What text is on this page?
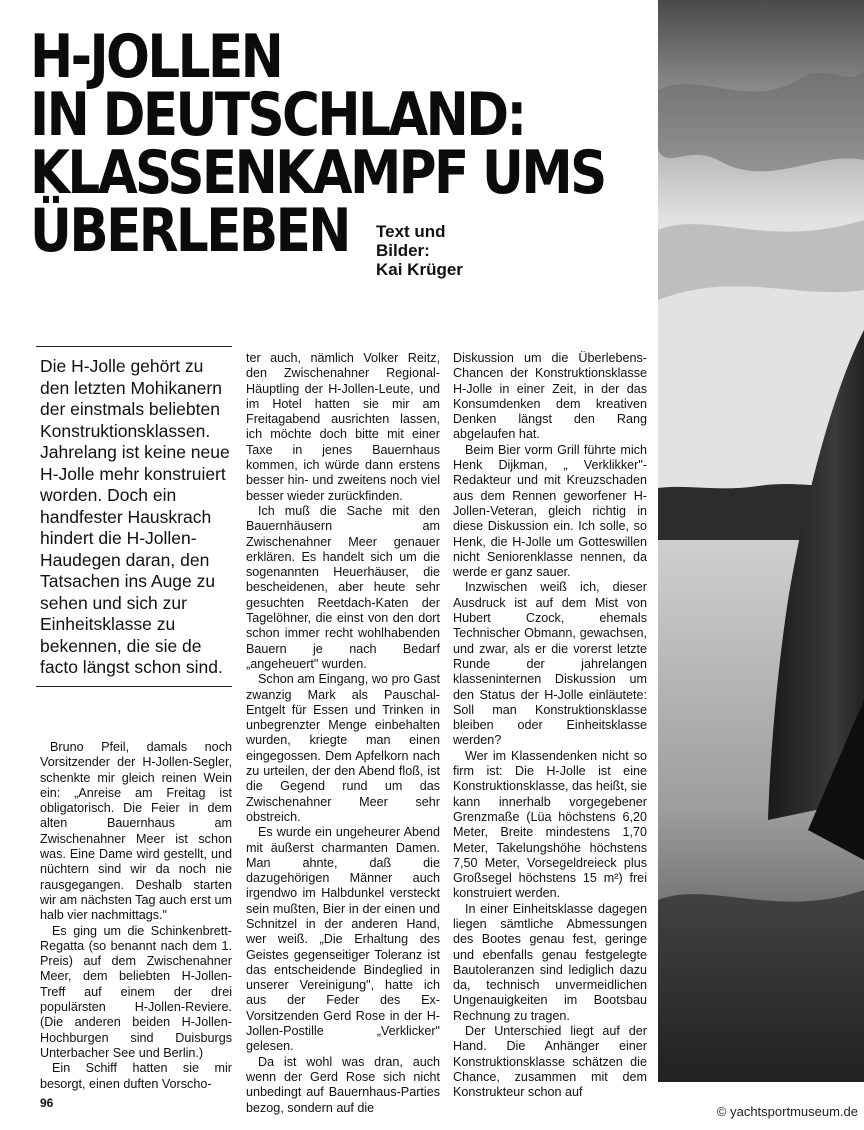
H-JOLLEN
IN DEUTSCHLAND:
KLASSENKAMPF UMS
ÜBERLEBEN	Text und
Bilder:
Kai Krüger
Die H-Jolle gehört zu den letzten Mohikanern der einstmals beliebten Konstruktionsklassen. Jahrelang ist keine neue H-Jolle mehr konstruiert worden. Doch ein handfester Hauskrach hindert die H-Jollen-Haudegen daran, den Tatsachen ins Auge zu sehen und sich zur Einheitsklasse zu bekennen, die sie de facto längst schon sind.

Bruno Pfeil, damals noch Vorsitzender der H-Jollen-Segler, schenkte mir gleich reinen Wein ein: „Anreise am Freitag ist obligatorisch. Die Feier in dem alten Bauernhaus am Zwischenahner Meer ist schon was. Eine Dame wird gestellt, und nüchtern sind wir da noch nie rausgegangen. Deshalb starten wir am nächsten Tag auch erst um halb vier nachmittags."

Es ging um die Schinkenbrett-Regatta (so benannt nach dem 1. Preis) auf dem Zwischenahner Meer, dem beliebten H-Jollen-Treff auf einem der drei populärsten H-Jollen-Reviere. (Die anderen beiden H-Jollen-Hochburgen sind Duisburgs Unterbacher See und Berlin.)

Ein Schiff hatten sie mir besorgt, einen duften Vorscho-

ter auch, nämlich Volker Reitz, den Zwischenahner Regional-Häuptling der H-Jollen-Leute, und im Hotel hatten sie mir am Freitagabend ausrichten lassen, ich möchte doch bitte mit einer Taxe in jenes Bauernhaus kommen, ich würde dann erstens besser hin- und zweitens noch viel besser wieder zurückfinden.

Ich muß die Sache mit den Bauernhäusern am Zwischenahner Meer genauer erklären. Es handelt sich um die sogenannten Heuerhäuser, die bescheidenen, aber heute sehr gesuchten Reetdach-Katen der Tagelöhner, die einst von den dort schon immer recht wohlhabenden Bauern je nach Bedarf „angeheuert" wurden.

Schon am Eingang, wo pro Gast zwanzig Mark als Pauschal-Entgelt für Essen und Trinken in unbegrenzter Menge einbehalten wurden, kriegte man einen eingegossen. Dem Apfelkorn nach zu urteilen, der den Abend floß, ist die Gegend rund um das Zwischenahner Meer sehr obstreich.

Es wurde ein ungeheurer Abend mit äußerst charmanten Damen. Man ahnte, daß die dazugehörigen Männer auch irgendwo im Halbdunkel versteckt sein mußten, Bier in der einen und Schnitzel in der anderen Hand, wer weiß. „Die Erhaltung des Geistes gegenseitiger Toleranz ist das entscheidende Bindeglied in unserer Vereinigung", hatte ich aus der Feder des Ex-Vorsitzenden Gerd Rose in der H-Jollen-Postille „Verklicker" gelesen.

Da ist wohl was dran, auch wenn der Gerd Rose sich nicht unbedingt auf Bauernhaus-Parties bezog, sondern auf die

Diskussion um die Überlebens-Chancen der Konstruktionsklasse H-Jolle in einer Zeit, in der das Konsumdenken dem kreativen Denken längst den Rang abgelaufen hat.

Beim Bier vorm Grill führte mich Henk Dijkman, „ Verklikker"-Redakteur und mit Kreuzschaden aus dem Rennen geworfener H-Jollen-Veteran, gleich richtig in diese Diskussion ein. Ich solle, so Henk, die H-Jolle um Gotteswillen nicht Seniorenklasse nennen, da werde er ganz sauer.

Inzwischen weiß ich, dieser Ausdruck ist auf dem Mist von Hubert Czock, ehemals Technischer Obmann, gewachsen, und zwar, als er die vorerst letzte Runde der jahrelangen klasseninternen Diskussion um den Status der H-Jolle einläutete: Soll man Konstruktionsklasse bleiben oder Einheitsklasse werden?

Wer im Klassendenken nicht so firm ist: Die H-Jolle ist eine Konstruktionsklasse, das heißt, sie kann innerhalb vorgegebener Grenzmaße (Lüa höchstens 6,20 Meter, Breite mindestens 1,70 Meter, Takelungshöhe höchstens 7,50 Meter, Vorsegeldreieck plus Großsegel höchstens 15 m²) frei konstruiert werden.

In einer Einheitsklasse dagegen liegen sämtliche Abmessungen des Bootes genau fest, geringe und ebenfalls genau festgelegte Bautoleranzen sind lediglich dazu da, technisch unvermeidlichen Ungenauigkeiten im Bootsbau Rechnung zu tragen.

Der Unterschied liegt auf der Hand. Die Anhänger einer Konstruktionsklasse schätzen die Chance, zusammen mit dem Konstrukteur schon auf

96
© yachtsportmuseum.de
